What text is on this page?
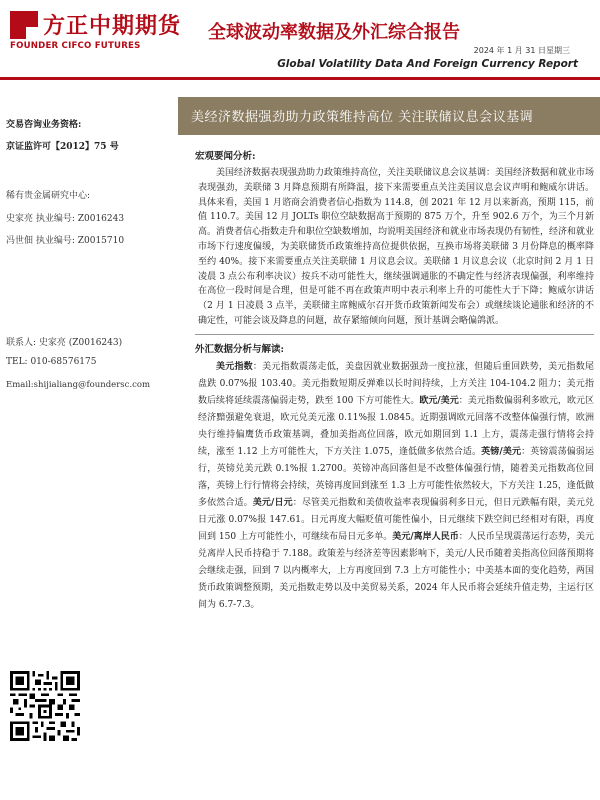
方正中期期货
FOUNDER CIFCO FUTURES
全球波动率数据及外汇综合报告
2024 年 1 月 31 日星期三
Global Volatility Data And Foreign Currency Report
交易咨询业务资格:
京证监许可【2012】75 号
稀有贵金属研究中心:
史家亮 执业编号: Z0016243
冯世佃 执业编号: Z0015710
联系人: 史家亮 (Z0016243)
TEL: 010-68576175
Email:shijialiang@foundersc.com
美经济数据强劲助力政策维持高位 关注联储议息会议基调
宏观要闻分析:

美国经济数据表现强劲助力政策维持高位，关注美联储议息会议基调：美国经济数据和就业市场表现强劲，美联储 3 月降息预期有所降温，接下来需要重点关注美国议息会议声明和鲍威尔讲话。具体来看，美国 1 月谘商会消费者信心指数为 114.8，创 2021 年 12 月以来新高，预期 115，前值 110.7。美国 12 月 JOLTs 职位空缺数据高于预期的 875 万个，升至 902.6 万个，为三个月新高。消费者信心指数走升和职位空缺数增加，均说明美国经济和就业市场表现仍有韧性，经济和就业市场下行速度偏缓，为美联储货币政策维持高位提供依据，互换市场将美联储 3 月份降息的概率降至约 40%。接下来需要重点关注美联储 1 月议息会议。美联储 1 月议息会议（北京时间 2 月 1 日凌晨 3 点公布利率决议）按兵不动可能性大，继续强调通胀的不确定性与经济表现偏强，利率维持在高位一段时间是合理，但是可能不再在政策声明中表示利率上升的可能性大于下降；鲍威尔讲话（2 月 1 日凌晨 3 点半，美联储主席鲍威尔召开货币政策新闻发布会）或继续谈论通胀和经济的不确定性，可能会谈及降息的问题，故存紧缩倾向问题，预计基调会略偏鸽派。

外汇数据分析与解读:

美元指数：美元指数震荡走低，美盘因就业数据强劲一度拉涨，但随后重回跌势，美元指数尾盘跌 0.07%报 103.40。美元指数短期反弹难以长时间持续，上方关注 104-104.2 阻力；美元指数后续将延续震荡偏弱走势，跌至 100 下方可能性大。欧元/美元：美元指数偏弱利多欧元，欧元区经济黯强避免衰退，欧元兑美元涨 0.11%报 1.0845。近期强调欧元回落不改整体偏强行情，欧洲央行维持偏鹰货币政策基调，叠加美指高位回落，欧元如期回到 1.1 上方，震荡走强行情将会持续，涨至 1.12 上方可能性大，下方关注 1.075，逢低做多依然合适。英镑/美元：英镑震荡偏弱运行，英镑兑美元跌 0.1%报 1.2700。英镑冲高回落但是不改整体偏强行情，随着美元指数高位回落，英镑上行行情将会持续，英镑再度回到涨至 1.3 上方可能性依然较大，下方关注 1.25，逢低做多依然合适。美元/日元：尽管美元指数和美债收益率表现偏弱利多日元，但日元跌幅有限，美元兑日元涨 0.07%报 147.61。日元再度大幅贬值可能性偏小，日元继续下跌空间已经相对有限，再度回到 150 上方可能性小，可继续布局日元多单。美元/离岸人民币：人民币呈现震荡运行态势，美元兑离岸人民币持稳于 7.188。政策差与经济差等因素影响下，美元/人民币随着美指高位回落预期将会继续走强，回到 7 以内概率大，上方再度回到 7.3 上方可能性小；中美基本面的变化趋势，两国货币政策调整预期，美元指数走势以及中美贸易关系，2024 年人民币将会延续升值走势，主运行区间为 6.7-7.3。
